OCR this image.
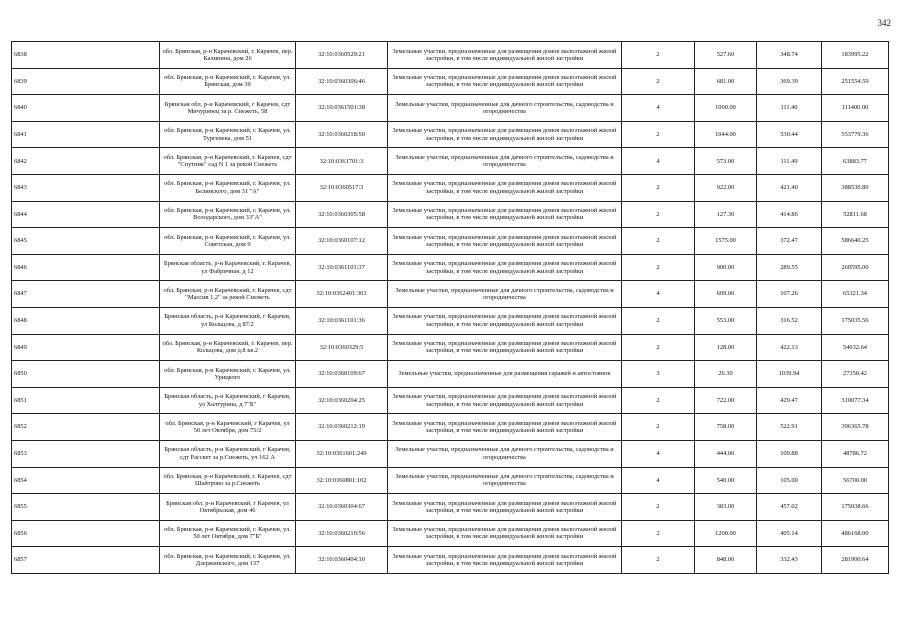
342
6838	обл. Брянская, р-н Карачевский, г. Карачев, пер. Калинина, дом 26	32:10:0360529:21	Земельные участки, предназначенные для размещения домов малоэтажной жилой застройки, в том числе индивидуальной жилой застройки	2	527.60	348.74	183995.22
6839	обл. Брянская, р-н Карачевский, г. Карачев, ул. Брянская, дом 39	32:10:0360306:46	Земельные участки, предназначенные для размещения домов малоэтажной жилой застройки, в том числе индивидуальной жилой застройки	2	681.00	369.39	251554.59
6840	Брянская обл, р-н Карачевский, г Карачев, сдт Мичуринец за р. Снежеть, 58	32:10:0361501:38	Земельные участки, предназначенные для дачного строительства, садоводства и огородничества	4	1000.00	111.40	111400.00
6841	обл. Брянская, р-н Карачевский, г. Карачев, ул. Тургенева, дом 51	32:10:0360218:50	Земельные участки, предназначенные для размещения домов малоэтажной жилой застройки, в том числе индивидуальной жилой застройки	2	1044.00	530.44	553779.36
6842	обл. Брянская, р-н Карачевский, г. Карачев, сдт "Спутник" сад N 1 за рекой Снежеть	32:10:0361701:3	Земельные участки, предназначенные для дачного строительства, садоводства и огородничества	4	573.00	111.49	63883.77
6843	обл. Брянская, р-н Карачевский, г. Карачев, ул. Белинского, дом 31 "А"	32:10:0360517:3	Земельные участки, предназначенные для размещения домов малоэтажной жилой застройки, в том числе индивидуальной жилой застройки	2	922.00	421.40	388530.80
6844	обл. Брянская, р-н Карачевский, г. Карачев, ул. Володарского, дом 33"А"	32:10:0360305:58	Земельные участки, предназначенные для размещения домов малоэтажной жилой застройки, в том числе индивидуальной жилой застройки	2	127.30	414.86	52811.68
6845	обл. Брянская, р-н Карачевский, г. Карачев, ул. Советская, дом 9	32:10:0360107:12	Земельные участки, предназначенные для размещения домов малоэтажной жилой застройки, в том числе индивидуальной жилой застройки	2	1575.00	372.47	586640.25
6846	Брянская область, р-н Карачевский, г. Карачев, ул Фабричная, д 12	32:10:0361101:37	Земельные участки, предназначенные для размещения домов малоэтажной жилой застройки, в том числе индивидуальной жилой застройки	2	900.00	289.55	260595.00
6847	обл. Брянская, р-н Карачевский, г. Карачев, сдт "Массив 1,2" за рекой Снежеть	32:10:0362401:303	Земельные участки, предназначенные для дачного строительства, садоводства и огородничества	4	609.00	107.26	65321.34
6848	Брянская область, р-н Карачевский, г Карачев, ул Кольцова, д 87/2	32:10:0361101:36	Земельные участки, предназначенные для размещения домов малоэтажной жилой застройки, в том числе индивидуальной жилой застройки	2	553.00	316.52	175035.56
6849	обл. Брянская, р-н Карачевский, г. Карачев, пер. Кольцова, дом д.8 кв.2	32:10:0360329:5	Земельные участки, предназначенные для размещения домов малоэтажной жилой застройки, в том числе индивидуальной жилой застройки	2	128.00	422.13	54032.64
6850	обл. Брянская, р-н Карачевский, г. Карачев, ул. Урицкого	32:10:0360109:67	Земельные участки, предназначенные для размещения гаражей и автостоянок	3	26.30	1039.94	27350.42
6851	Брянская область, р-н Карачевский, г Карачев, ул Халтурина, д 7"Б"	32:10:0360204:25	Земельные участки, предназначенные для размещения домов малоэтажной жилой застройки, в том числе индивидуальной жилой застройки	2	722.00	429.47	310077.34
6852	обл. Брянская, р-н Карачевский, г Карачев, ул 50 лет Октября, дом 75/2	32:10:0360212:19	Земельные участки, предназначенные для размещения домов малоэтажной жилой застройки, в том числе индивидуальной жилой застройки	2	758.00	522.91	396365.78
6853	Брянская область, р-н Карачевский, г Карачев, сдт Рассвет за р.Снежеть, уч 162 А	32:10:0361601:249	Земельные участки, предназначенные для дачного строительства, садоводства и огородничества	4	444.00	109.88	48786.72
6854	обл. Брянская, р-н Карачевский, г. Карачев, сдт Шайтрово за р.Снежеть	32:10:0360801:102	Земельные участки, предназначенные для дачного строительства, садоводства и огородничества	4	540.00	105.00	56700.00
6855	Брянская обл, р-н Карачевский, г Карачев, ул Октябрьская, дом 46	32:10:0360304:67	Земельные участки, предназначенные для размещения домов малоэтажной жилой застройки, в том числе индивидуальной жилой застройки	2	383.00	457.02	175038.66
6856	обл. Брянская, р-н Карачевский, г. Карачев, ул. 50 лет Октября, дом 7"Б"	32:10:0360210:56	Земельные участки, предназначенные для размещения домов малоэтажной жилой застройки, в том числе индивидуальной жилой застройки	2	1200.00	405.14	486168.00
6857	обл. Брянская, р-н Карачевский, г. Карачев, ул. Дзержинского, дом 137	32:10:0360404:10	Земельные участки, предназначенные для размещения домов малоэтажной жилой застройки, в том числе индивидуальной жилой застройки	2	848.00	332.43	281900.64
